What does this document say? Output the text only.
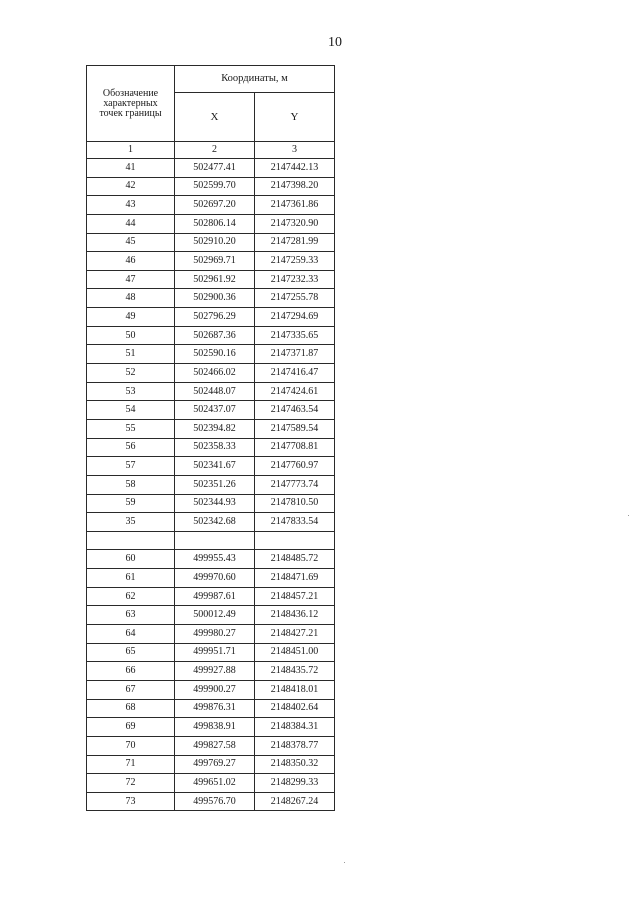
10
Обозначение
характерных
точек границы	Координаты, м	
	X	Y
1	2	3
41	502477.41	2147442.13
42	502599.70	2147398.20
43	502697.20	2147361.86
44	502806.14	2147320.90
45	502910.20	2147281.99
46	502969.71	2147259.33
47	502961.92	2147232.33
48	502900.36	2147255.78
49	502796.29	2147294.69
50	502687.36	2147335.65
51	502590.16	2147371.87
52	502466.02	2147416.47
53	502448.07	2147424.61
54	502437.07	2147463.54
55	502394.82	2147589.54
56	502358.33	2147708.81
57	502341.67	2147760.97
58	502351.26	2147773.74
59	502344.93	2147810.50
35	502342.68	2147833.54

60	499955.43	2148485.72
61	499970.60	2148471.69
62	499987.61	2148457.21
63	500012.49	2148436.12
64	499980.27	2148427.21
65	499951.71	2148451.00
66	499927.88	2148435.72
67	499900.27	2148418.01
68	499876.31	2148402.64
69	499838.91	2148384.31
70	499827.58	2148378.77
71	499769.27	2148350.32
72	499651.02	2148299.33
73	499576.70	2148267.24
